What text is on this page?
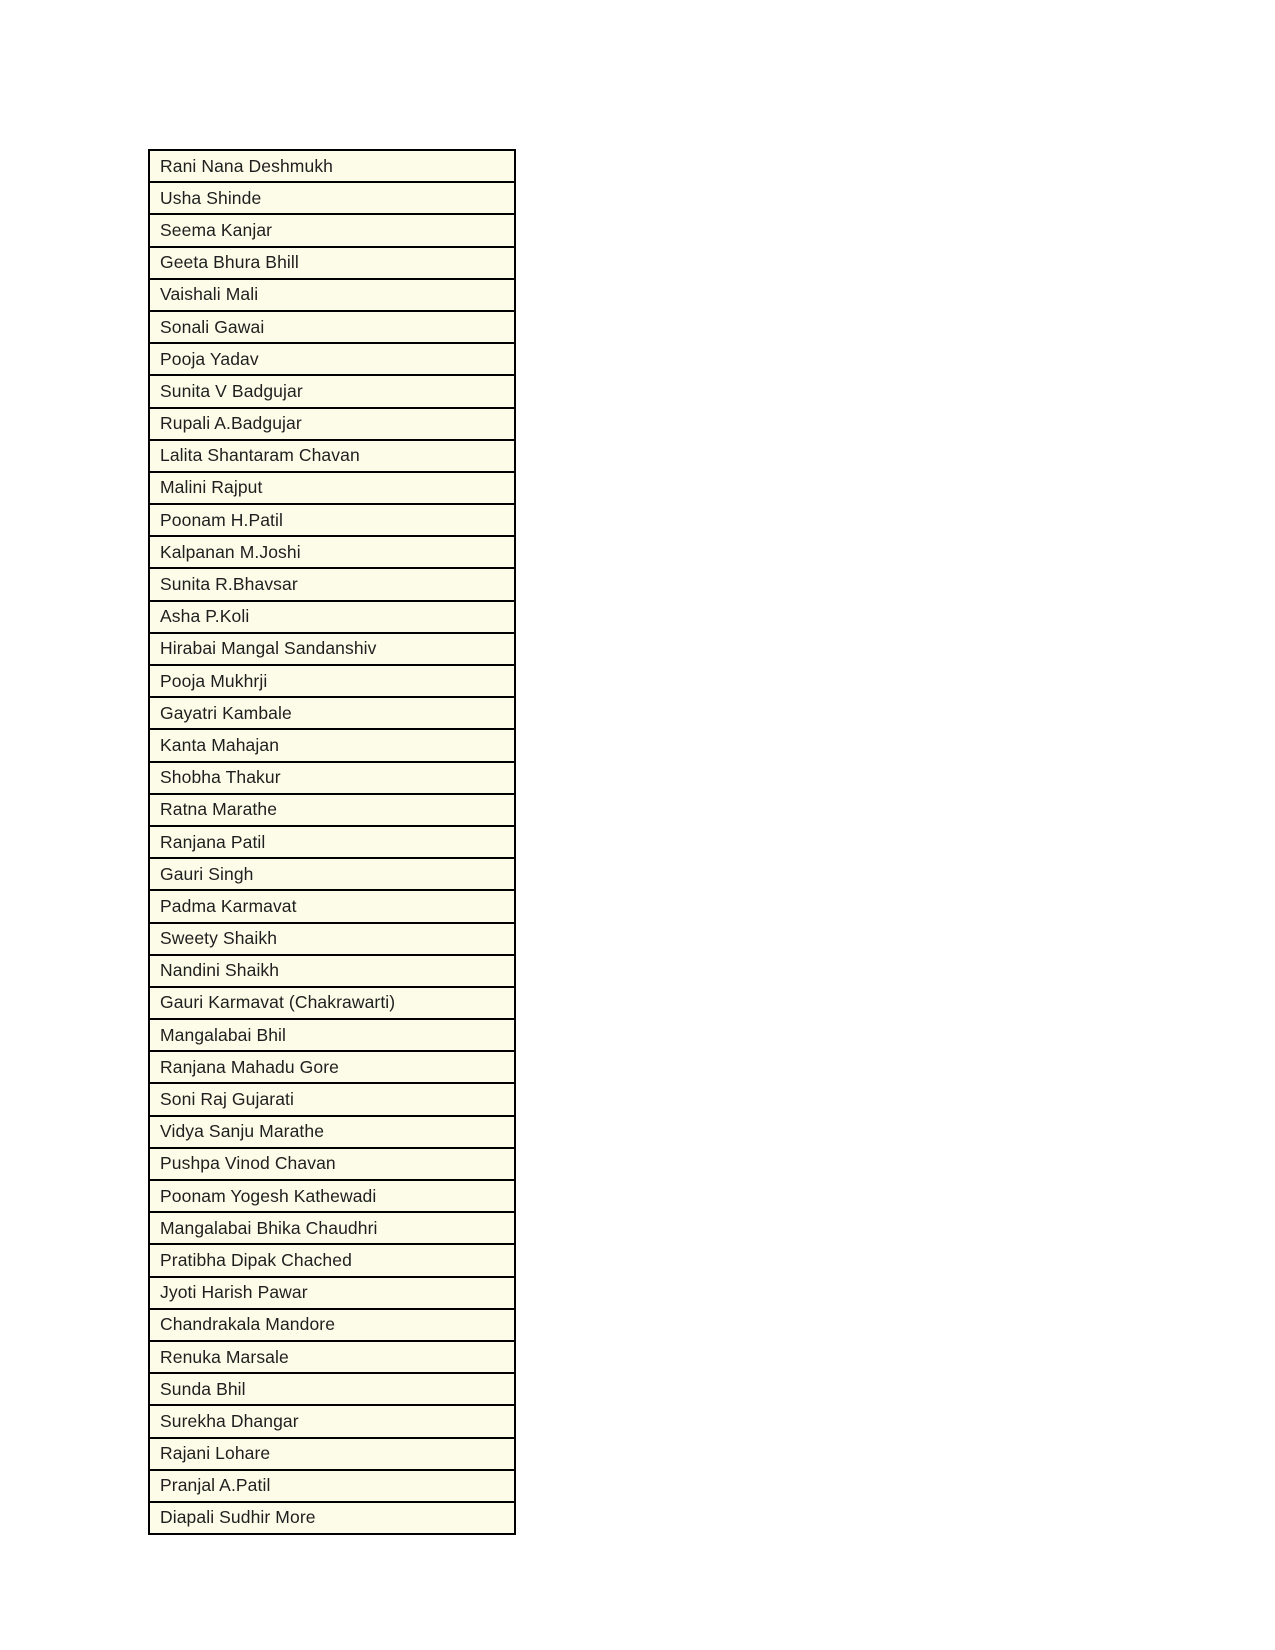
Rani Nana Deshmukh
Usha Shinde
Seema Kanjar
Geeta Bhura Bhill
Vaishali Mali
Sonali Gawai
Pooja Yadav
Sunita V Badgujar
Rupali A.Badgujar
Lalita Shantaram Chavan
Malini Rajput
Poonam H.Patil
Kalpanan M.Joshi
Sunita R.Bhavsar
Asha P.Koli
Hirabai Mangal Sandanshiv
Pooja Mukhrji
Gayatri Kambale
Kanta Mahajan
Shobha Thakur
Ratna Marathe
Ranjana Patil
Gauri Singh
Padma Karmavat
Sweety Shaikh
Nandini Shaikh
Gauri Karmavat (Chakrawarti)
Mangalabai Bhil
Ranjana Mahadu Gore
Soni Raj Gujarati
Vidya Sanju Marathe
Pushpa Vinod Chavan
Poonam Yogesh Kathewadi
Mangalabai Bhika Chaudhri
Pratibha Dipak Chached
Jyoti Harish Pawar
Chandrakala Mandore
Renuka Marsale
Sunda Bhil
Surekha Dhangar
Rajani Lohare
Pranjal A.Patil
Diapali Sudhir More
